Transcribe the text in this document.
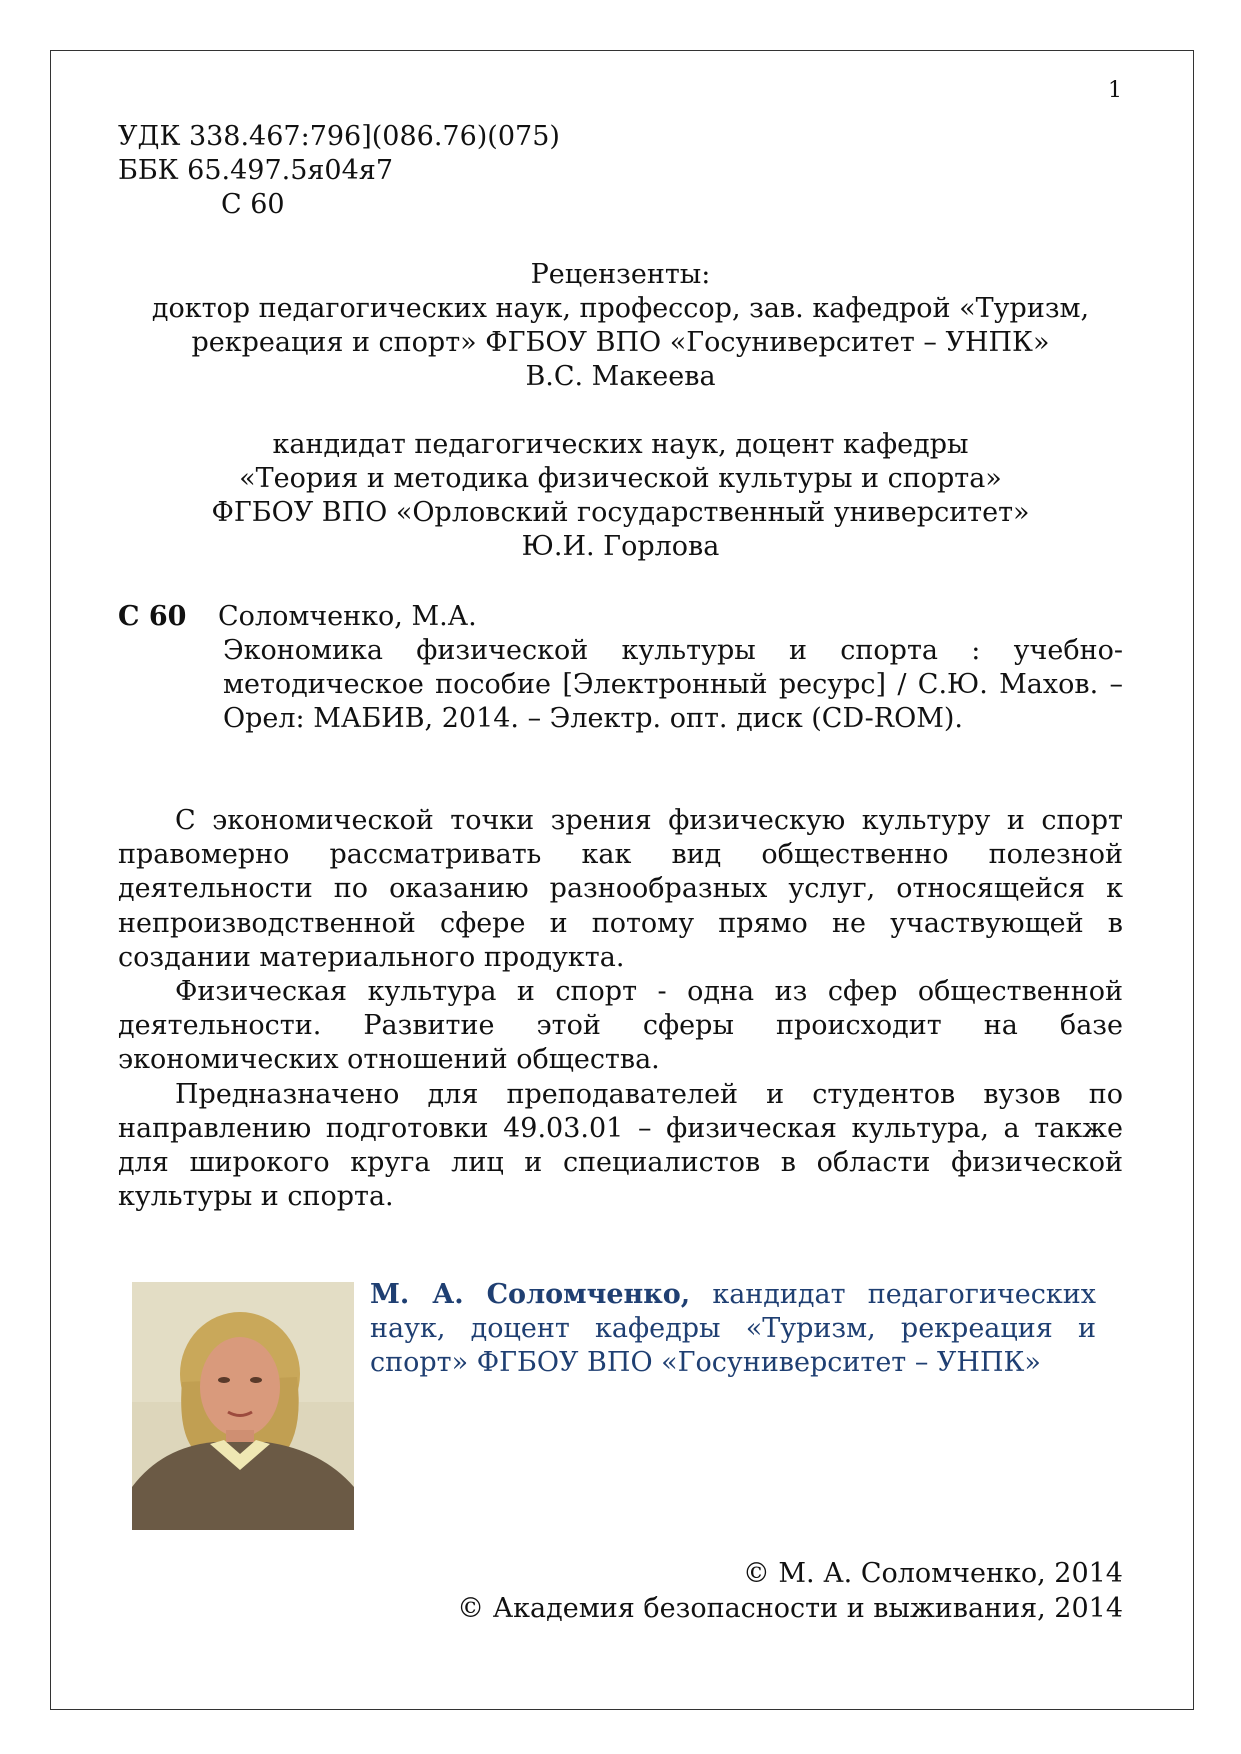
1
УДК 338.467:796](086.76)(075)
ББК 65.497.5я04я7
С 60
Рецензенты:
доктор педагогических наук, профессор, зав. кафедрой «Туризм,
рекреация и спорт» ФГБОУ ВПО «Госуниверситет – УНПК»
В.С. Макеева
кандидат педагогических наук, доцент кафедры
«Теория и методика физической культуры и спорта»
ФГБОУ ВПО «Орловский государственный университет»
Ю.И. Горлова
С 60 Соломченко, М.А.
Экономика физической культуры и спорта : учебно-методическое пособие [Электронный ресурс] / С.Ю. Махов. – Орел: МАБИВ, 2014. – Электр. опт. диск (CD-ROM).

С экономической точки зрения физическую культуру и спорт правомерно рассматривать как вид общественно полезной деятельности по оказанию разнообразных услуг, относящейся к непроизводственной сфере и потому прямо не участвующей в создании материального продукта.

Физическая культура и спорт - одна из сфер общественной деятельности. Развитие этой сферы происходит на базе экономических отношений общества.

Предназначено для преподавателей и студентов вузов по направлению подготовки 49.03.01 – физическая культура, а также для широкого круга лиц и специалистов в области физической культуры и спорта.

М. А. Соломченко, кандидат педагогических наук, доцент кафедры «Туризм, рекреация и спорт» ФГБОУ ВПО «Госуниверситет – УНПК»
© М. А. Соломченко, 2014
© Академия безопасности и выживания, 2014
